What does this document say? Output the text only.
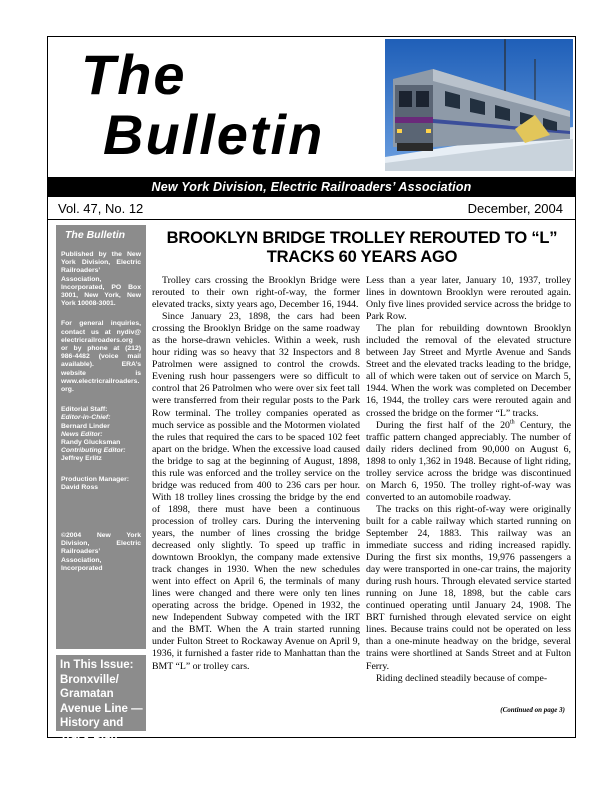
The
Bulletin
New York Division, Electric Railroaders’ Association
Vol. 47, No. 12	December, 2004
The Bulletin
Published by the New York Division, Electric Railroaders’ Association, Incorporated, PO Box 3001, New York, New York 10008-3001.
For general inquiries, contact us at nydiv@ electricrailroaders.org or by phone at (212) 986-4482 (voice mail available). ERA’s website is www.electricrailroaders. org.
Editorial Staff:
Editor-in-Chief:
Bernard Linder
News Editor:
Randy Glucksman
Contributing Editor:
Jeffrey Erlitz
Production Manager:
David Ross
©2004 New York Division, Electric Railroaders’ Association, Incorporated
In This Issue: Bronxville/ Gramatan Avenue Line — History and Track Plan ...Page 2
BROOKLYN BRIDGE TROLLEY REROUTED TO “L” TRACKS 60 YEARS AGO

Trolley cars crossing the Brooklyn Bridge were rerouted to their own right-of-way, the former elevated tracks, sixty years ago, December 16, 1944.

Since January 23, 1898, the cars had been crossing the Brooklyn Bridge on the same roadway as the horse-drawn vehicles. Within a week, rush hour riding was so heavy that 32 Inspectors and 8 Patrolmen were assigned to control the crowds. Evening rush hour passengers were so difficult to control that 26 Patrolmen who were over six feet tall were transferred from their regular posts to the Park Row terminal. The trolley companies operated as much service as possible and the Motormen violated the rules that required the cars to be spaced 102 feet apart on the bridge. When the excessive load caused the bridge to sag at the beginning of August, 1898, this rule was enforced and the trolley service on the bridge was reduced from 400 to 236 cars per hour. With 18 trolley lines crossing the bridge by the end of 1898, there must have been a continuous procession of trolley cars. During the intervening years, the number of lines crossing the bridge decreased only slightly. To speed up traffic in downtown Brooklyn, the company made extensive track changes in 1930. When the new schedules went into effect on April 6, the terminals of many lines were changed and there were only ten lines operating across the bridge. Opened in 1932, the new Independent Subway competed with the IRT and the BMT. When the A train started running under Fulton Street to Rockaway Avenue on April 9, 1936, it furnished a faster ride to Manhattan than the BMT “L” or trolley cars.

Less than a year later, January 10, 1937, trolley lines in downtown Brooklyn were rerouted again. Only five lines provided service across the bridge to Park Row.

The plan for rebuilding downtown Brooklyn included the removal of the elevated structure between Jay Street and Myrtle Avenue and Sands Street and the elevated tracks leading to the bridge, all of which were taken out of service on March 5, 1944. When the work was completed on December 16, 1944, the trolley cars were rerouted again and crossed the bridge on the former “L” tracks.

During the first half of the 20th Century, the traffic pattern changed appreciably. The number of daily riders declined from 90,000 on August 6, 1898 to only 1,362 in 1948. Because of light riding, trolley service across the bridge was discontinued on March 6, 1950. The trolley right-of-way was converted to an automobile roadway.

The tracks on this right-of-way were originally built for a cable railway which started running on September 24, 1883. This railway was an immediate success and riding increased rapidly. During the first six months, 19,976 passengers a day were transported in one-car trains, the majority during rush hours. Through elevated service started running on June 18, 1898, but the cable cars continued operating until January 24, 1908. The BRT furnished through elevated service on eight lines. Because trains could not be operated on less than a one-minute headway on the bridge, several trains were shortlined at Sands Street and at Fulton Ferry.

Riding declined steadily because of compe-

(Continued on page 3)
